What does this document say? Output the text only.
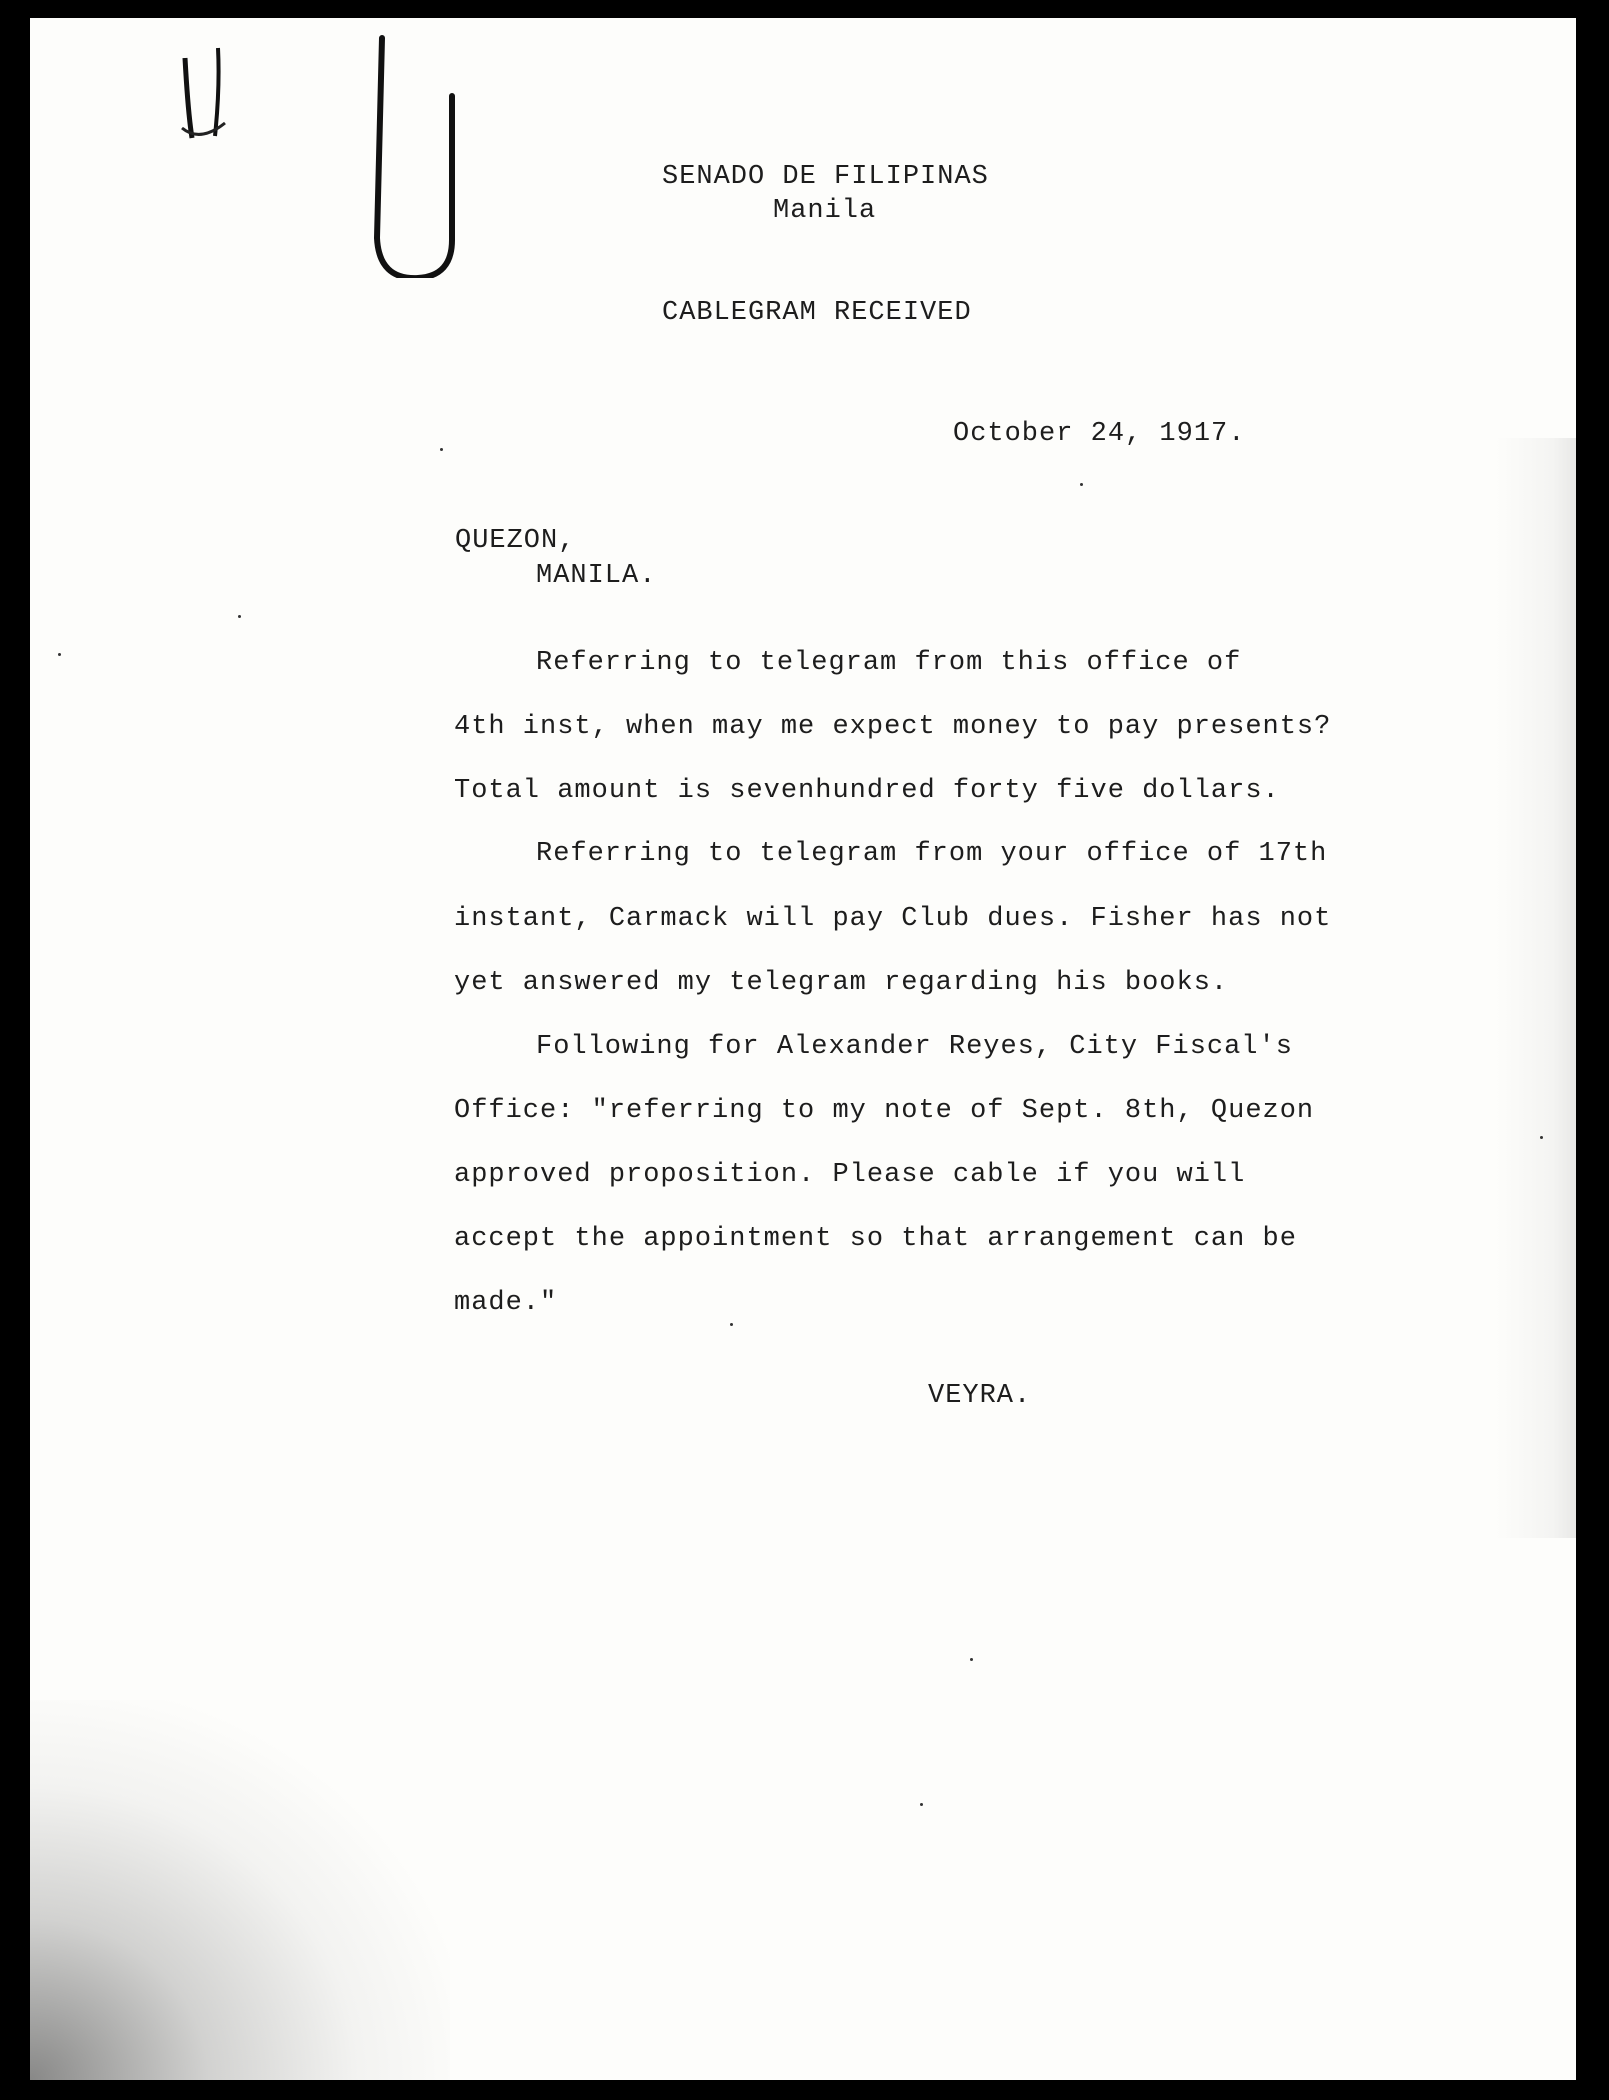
SENADO DE FILIPINAS
Manila
CABLEGRAM RECEIVED
October 24, 1917.
QUEZON,
MANILA.
Referring to telegram from this office of
4th inst, when may me expect money to pay presents?
Total amount is sevenhundred forty five dollars.
Referring to telegram from your office of 17th
instant, Carmack will pay Club dues. Fisher has not
yet answered my telegram regarding his books.
Following for Alexander Reyes, City Fiscal's
Office: "referring to my note of Sept. 8th, Quezon
approved proposition. Please cable if you will
accept the appointment so that arrangement can be
made."
VEYRA.
